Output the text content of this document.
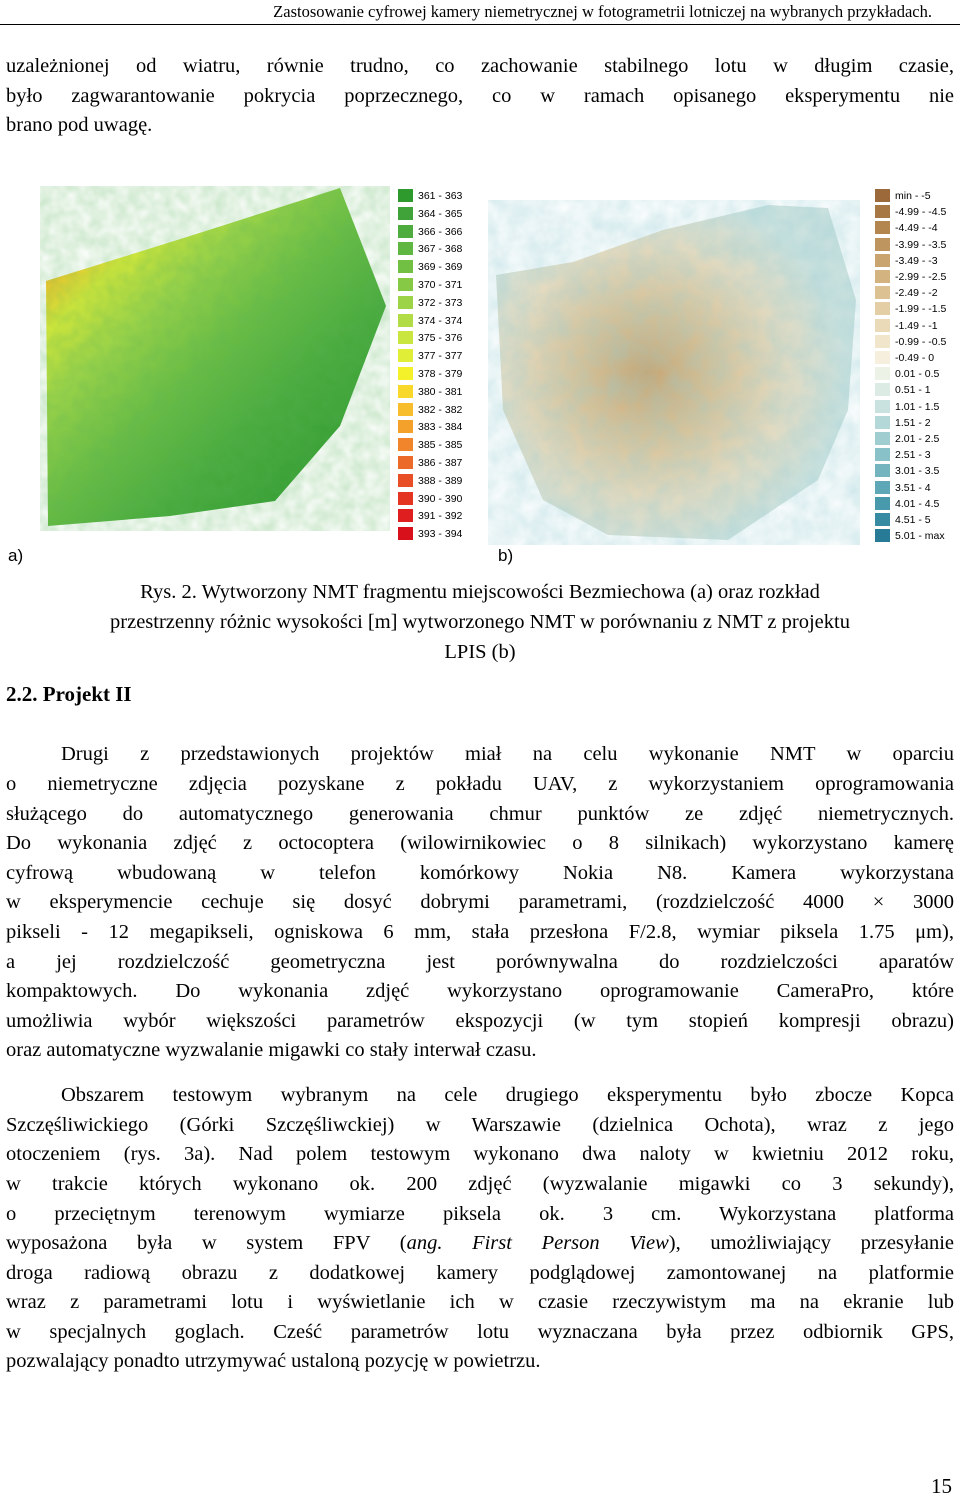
Zastosowanie cyfrowej kamery niemetrycznej w fotogrametrii lotniczej na wybranych przykładach.
uzależnionej od wiatru, równie trudno, co zachowanie stabilnego lotu w długim czasie,
było zagwarantowanie pokrycia poprzecznego, co w ramach opisanego eksperymentu nie
brano pod uwagę.
361 - 363
364 - 365
366 - 366
367 - 368
369 - 369
370 - 371
372 - 373
374 - 374
375 - 376
377 - 377
378 - 379
380 - 381
382 - 382
383 - 384
385 - 385
386 - 387
388 - 389
390 - 390
391 - 392
393 - 394
min - -5
-4.99 - -4.5
-4.49 - -4
-3.99 - -3.5
-3.49 - -3
-2.99 - -2.5
-2.49 - -2
-1.99 - -1.5
-1.49 - -1
-0.99 - -0.5
-0.49 - 0
0.01 - 0.5
0.51 - 1
1.01 - 1.5
1.51 - 2
2.01 - 2.5
2.51 - 3
3.01 - 3.5
3.51 - 4
4.01 - 4.5
4.51 - 5
5.01 - max
a)	b)
Rys. 2. Wytworzony NMT fragmentu miejscowości Bezmiechowa (a) oraz rozkład
przestrzenny różnic wysokości [m] wytworzonego NMT w porównaniu z NMT z projektu
LPIS (b)
2.2. Projekt II
Drugi z przedstawionych projektów miał na celu wykonanie NMT w oparciu
o niemetryczne zdjęcia pozyskane z pokładu UAV, z wykorzystaniem oprogramowania
służącego do automatycznego generowania chmur punktów ze zdjęć niemetrycznych.
Do wykonania zdjęć z octocoptera (wilowirnikowiec o 8 silnikach) wykorzystano kamerę
cyfrową wbudowaną w telefon komórkowy Nokia N8. Kamera wykorzystana
w eksperymencie cechuje się dosyć dobrymi parametrami, (rozdzielczość 4000 × 3000
pikseli - 12 megapikseli, ogniskowa 6 mm, stała przesłona F/2.8, wymiar piksela 1.75 μm),
a jej rozdzielczość geometryczna jest porównywalna do rozdzielczości aparatów
kompaktowych. Do wykonania zdjęć wykorzystano oprogramowanie CameraPro, które
umożliwia wybór większości parametrów ekspozycji (w tym stopień kompresji obrazu)
oraz automatyczne wyzwalanie migawki co stały interwał czasu.
Obszarem testowym wybranym na cele drugiego eksperymentu było zbocze Kopca
Szczęśliwickiego (Górki Szczęśliwckiej) w Warszawie (dzielnica Ochota), wraz z jego
otoczeniem (rys. 3a). Nad polem testowym wykonano dwa naloty w kwietniu 2012 roku,
w trakcie których wykonano ok. 200 zdjęć (wyzwalanie migawki co 3 sekundy),
o przeciętnym terenowym wymiarze piksela ok. 3 cm. Wykorzystana platforma
wyposażona była w system FPV (ang. First Person View), umożliwiający przesyłanie
droga radiową obrazu z dodatkowej kamery podglądowej zamontowanej na platformie
wraz z parametrami lotu i wyświetlanie ich w czasie rzeczywistym ma na ekranie lub
w specjalnych goglach. Cześć parametrów lotu wyznaczana była przez odbiornik GPS,
pozwalający ponadto utrzymywać ustaloną pozycję w powietrzu.
15
